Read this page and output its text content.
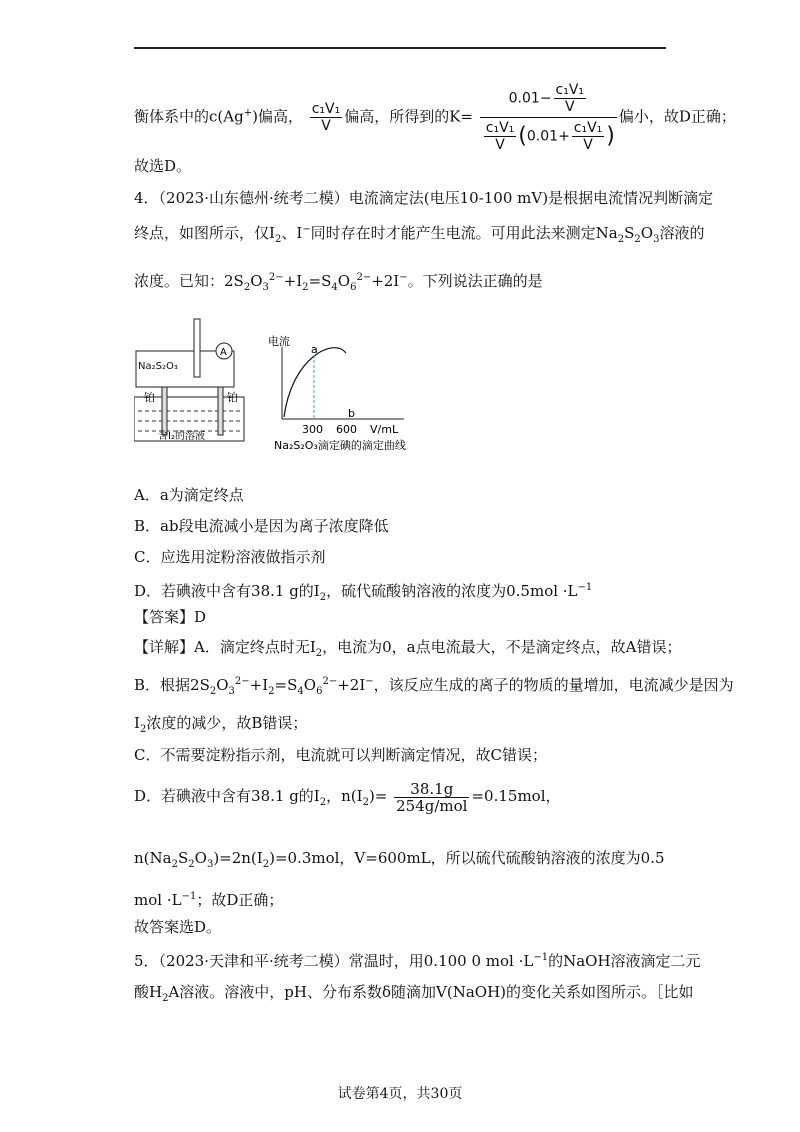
衡体系中的c(Ag+)偏高， $\frac{\text{c₁V₁}}{V}$ 偏高，所得到的$K= \frac{0.01- \frac{\text{c₁V₁}}{V}}{\frac{\text{c₁V₁}}{V} (0.01+ \frac{\text{c₁V₁}}{V} )}$ 偏小，故D正确；
故选D。
4．（2023·山东德州·统考二模）电流滴定法(电压10-100 mV)是根据电流情况判断滴定
终点，如图所示，仅$I_2$、I−同时存在时才能产生电流。可用此法来测定$Na_2S_2O_3$溶液的
浓度。已知：$2S_2O_3^{2-}+I_2=S_4O_6^{2-}+2I^-$。下列说法正确的是
A
Na₂S₂O₃
铂	铂
含I₂的溶液
电流
a
b
300 600 V/mL
Na₂S₂O₃滴定碘的滴定曲线
A．a为滴定终点
B．ab段电流减小是因为离子浓度降低
C．应选用淀粉溶液做指示剂
D．若碘液中含有38.1 g的$I_2$，硫代硫酸钠溶液的浓度为$0.5mol \cdot L^{-1}$
【答案】D
【详解】A．滴定终点时无$I_2$，电流为0，a点电流最大，不是滴定终点，故A错误；
B．根据$2S_2O_3^{2-}+I_2=S_4O_6^{2-}+2I^-$，该反应生成的离子的物质的量增加，电流减少是因为
$I_2$浓度的减少，故B错误；
C．不需要淀粉指示剂，电流就可以判断滴定情况，故C错误；
D．若碘液中含有38.1 g的$I_2$，$n(I_2)= \frac{38.1g}{\text{254g/mol}} =0.15mol$，
$n(Na_2S_2O_3)=2n(I_2)=0.3mol$，V=600mL，所以硫代硫酸钠溶液的浓度为0.5
mol $\cdot L^{-1}$；故D正确；
故答案选D。
5．（2023·天津和平·统考二模）常温时，用0.100 0 mol $\cdot L^{-1}$的NaOH溶液滴定二元
酸$H_2A$溶液。溶液中，pH、分布系数δ随滴加V(NaOH)的变化关系如图所示。［比如
试卷第4页，共30页
